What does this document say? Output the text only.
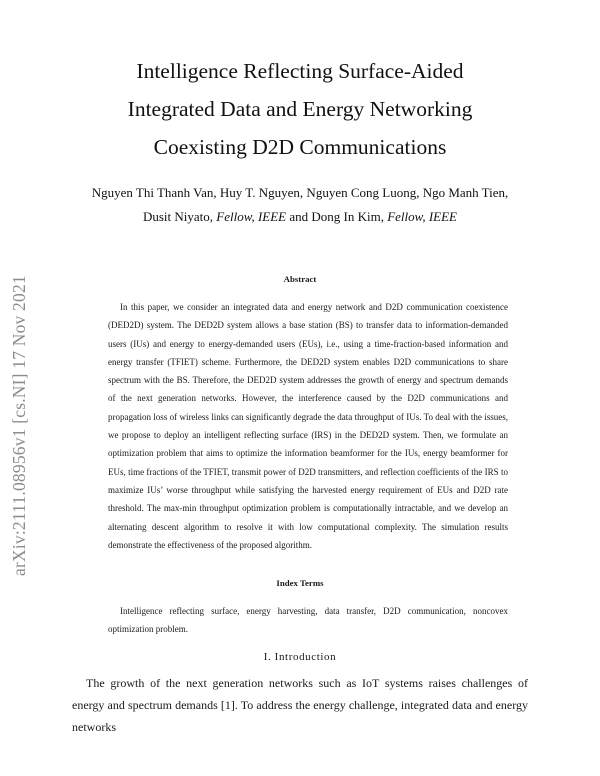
arXiv:2111.08956v1 [cs.NI] 17 Nov 2021
Intelligence Reflecting Surface-Aided
Integrated Data and Energy Networking
Coexisting D2D Communications
Nguyen Thi Thanh Van, Huy T. Nguyen, Nguyen Cong Luong, Ngo Manh Tien,
Dusit Niyato, Fellow, IEEE and Dong In Kim, Fellow, IEEE
Abstract

In this paper, we consider an integrated data and energy network and D2D communication coexistence (DED2D) system. The DED2D system allows a base station (BS) to transfer data to information-demanded users (IUs) and energy to energy-demanded users (EUs), i.e., using a time-fraction-based information and energy transfer (TFIET) scheme. Furthermore, the DED2D system enables D2D communications to share spectrum with the BS. Therefore, the DED2D system addresses the growth of energy and spectrum demands of the next generation networks. However, the interference caused by the D2D communications and propagation loss of wireless links can significantly degrade the data throughput of IUs. To deal with the issues, we propose to deploy an intelligent reflecting surface (IRS) in the DED2D system. Then, we formulate an optimization problem that aims to optimize the information beamformer for the IUs, energy beamformer for EUs, time fractions of the TFIET, transmit power of D2D transmitters, and reflection coefficients of the IRS to maximize IUs’ worse throughput while satisfying the harvested energy requirement of EUs and D2D rate threshold. The max-min throughput optimization problem is computationally intractable, and we develop an alternating descent algorithm to resolve it with low computational complexity. The simulation results demonstrate the effectiveness of the proposed algorithm.

Index Terms

Intelligence reflecting surface, energy harvesting, data transfer, D2D communication, noncovex optimization problem.

I. Introduction

The growth of the next generation networks such as IoT systems raises challenges of energy and spectrum demands [1]. To address the energy challenge, integrated data and energy networks
